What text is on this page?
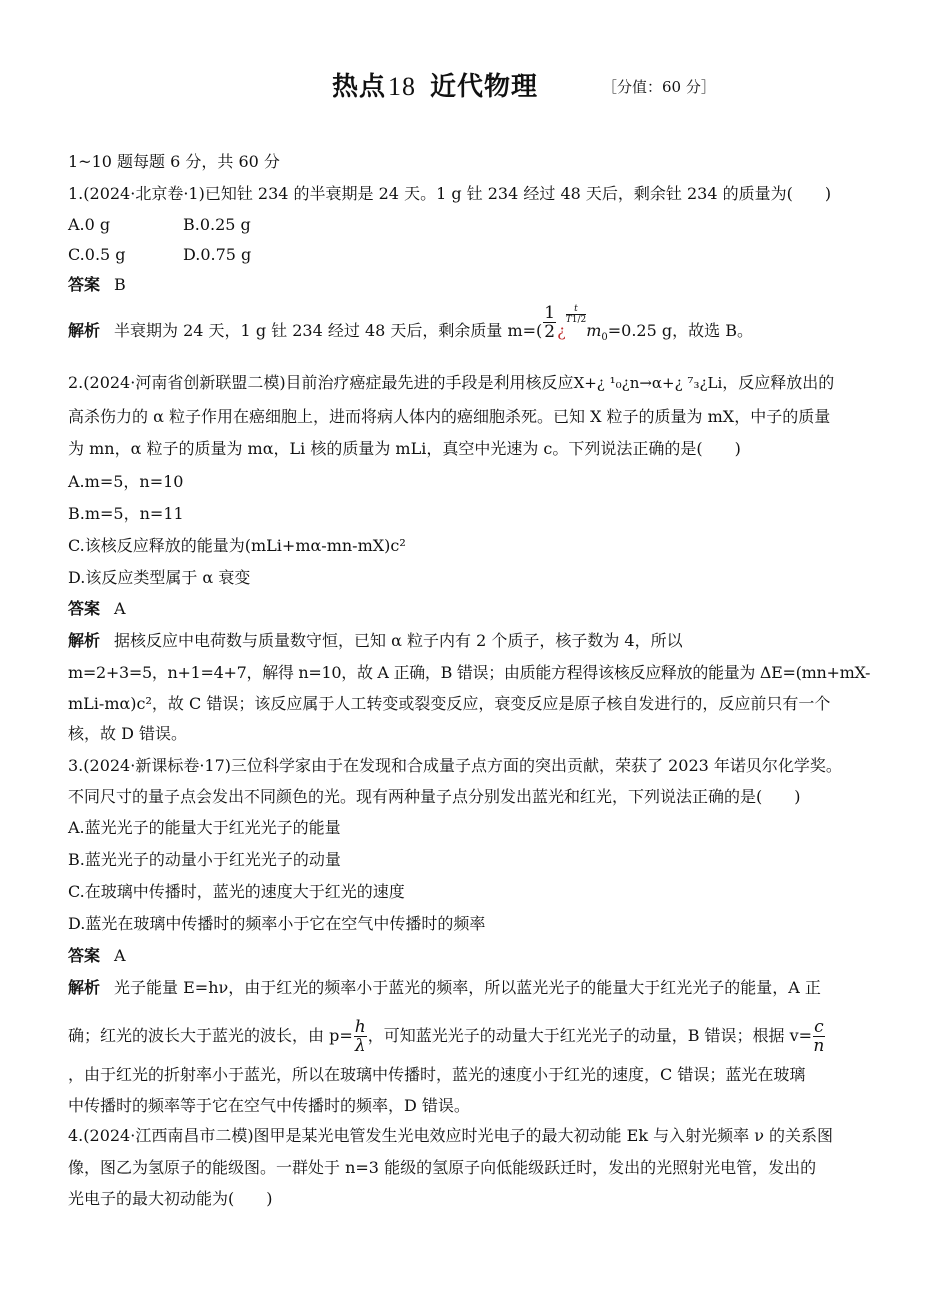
热点18 近代物理	［分值：60 分］
1~10 题每题 6 分，共 60 分
1.(2024·北京卷·1)已知钍 234 的半衰期是 24 天。1 g 钍 234 经过 48 天后，剩余钍 234 的质量为(　　)
A.0 g	B.0.25 g
C.0.5 g	D.0.75 g
答案 B
解析 半衰期为 24 天，1 g 钍 234 经过 48 天后，剩余质量 $m=( \frac{1}{2}$ ¿
$\frac{t}{T1/2}$
$m_0=0.25$ g，故选 B。
2.(2024·河南省创新联盟二模)目前治疗癌症最先进的手段是利用核反应X+¿ ¹₀¿n→α+¿ ⁷₃¿Li，反应释放出的
高杀伤力的 α 粒子作用在癌细胞上，进而将病人体内的癌细胞杀死。已知 X 粒子的质量为 mX，中子的质量
为 mn，α 粒子的质量为 mα，Li 核的质量为 mLi，真空中光速为 c。下列说法正确的是(　　)
A.m=5，n=10
B.m=5，n=11
C.该核反应释放的能量为(mLi+mα-mn-mX)c²
D.该反应类型属于 α 衰变
答案 A
解析 据核反应中电荷数与质量数守恒，已知 α 粒子内有 2 个质子，核子数为 4，所以
m=2+3=5，n+1=4+7，解得 n=10，故 A 正确，B 错误；由质能方程得该核反应释放的能量为 ΔE=(mn+mX-
mLi-mα)c²，故 C 错误；该反应属于人工转变或裂变反应，衰变反应是原子核自发进行的，反应前只有一个
核，故 D 错误。
3.(2024·新课标卷·17)三位科学家由于在发现和合成量子点方面的突出贡献，荣获了 2023 年诺贝尔化学奖。
不同尺寸的量子点会发出不同颜色的光。现有两种量子点分别发出蓝光和红光，下列说法正确的是(　　)
A.蓝光光子的能量大于红光光子的能量
B.蓝光光子的动量小于红光光子的动量
C.在玻璃中传播时，蓝光的速度大于红光的速度
D.蓝光在玻璃中传播时的频率小于它在空气中传播时的频率
答案 A
解析 光子能量 E=hν，由于红光的频率小于蓝光的频率，所以蓝光光子的能量大于红光光子的能量，A 正
确；红光的波长大于蓝光的波长，由 $p= \frac{h}{\lambda}$ ，可知蓝光光子的动量大于红光光子的动量，B 错误；根据 $v= \frac{c}{n}$
，由于红光的折射率小于蓝光，所以在玻璃中传播时，蓝光的速度小于红光的速度，C 错误；蓝光在玻璃
中传播时的频率等于它在空气中传播时的频率，D 错误。
4.(2024·江西南昌市二模)图甲是某光电管发生光电效应时光电子的最大初动能 Ek 与入射光频率 ν 的关系图
像，图乙为氢原子的能级图。一群处于 n=3 能级的氢原子向低能级跃迁时，发出的光照射光电管，发出的
光电子的最大初动能为(　　)
